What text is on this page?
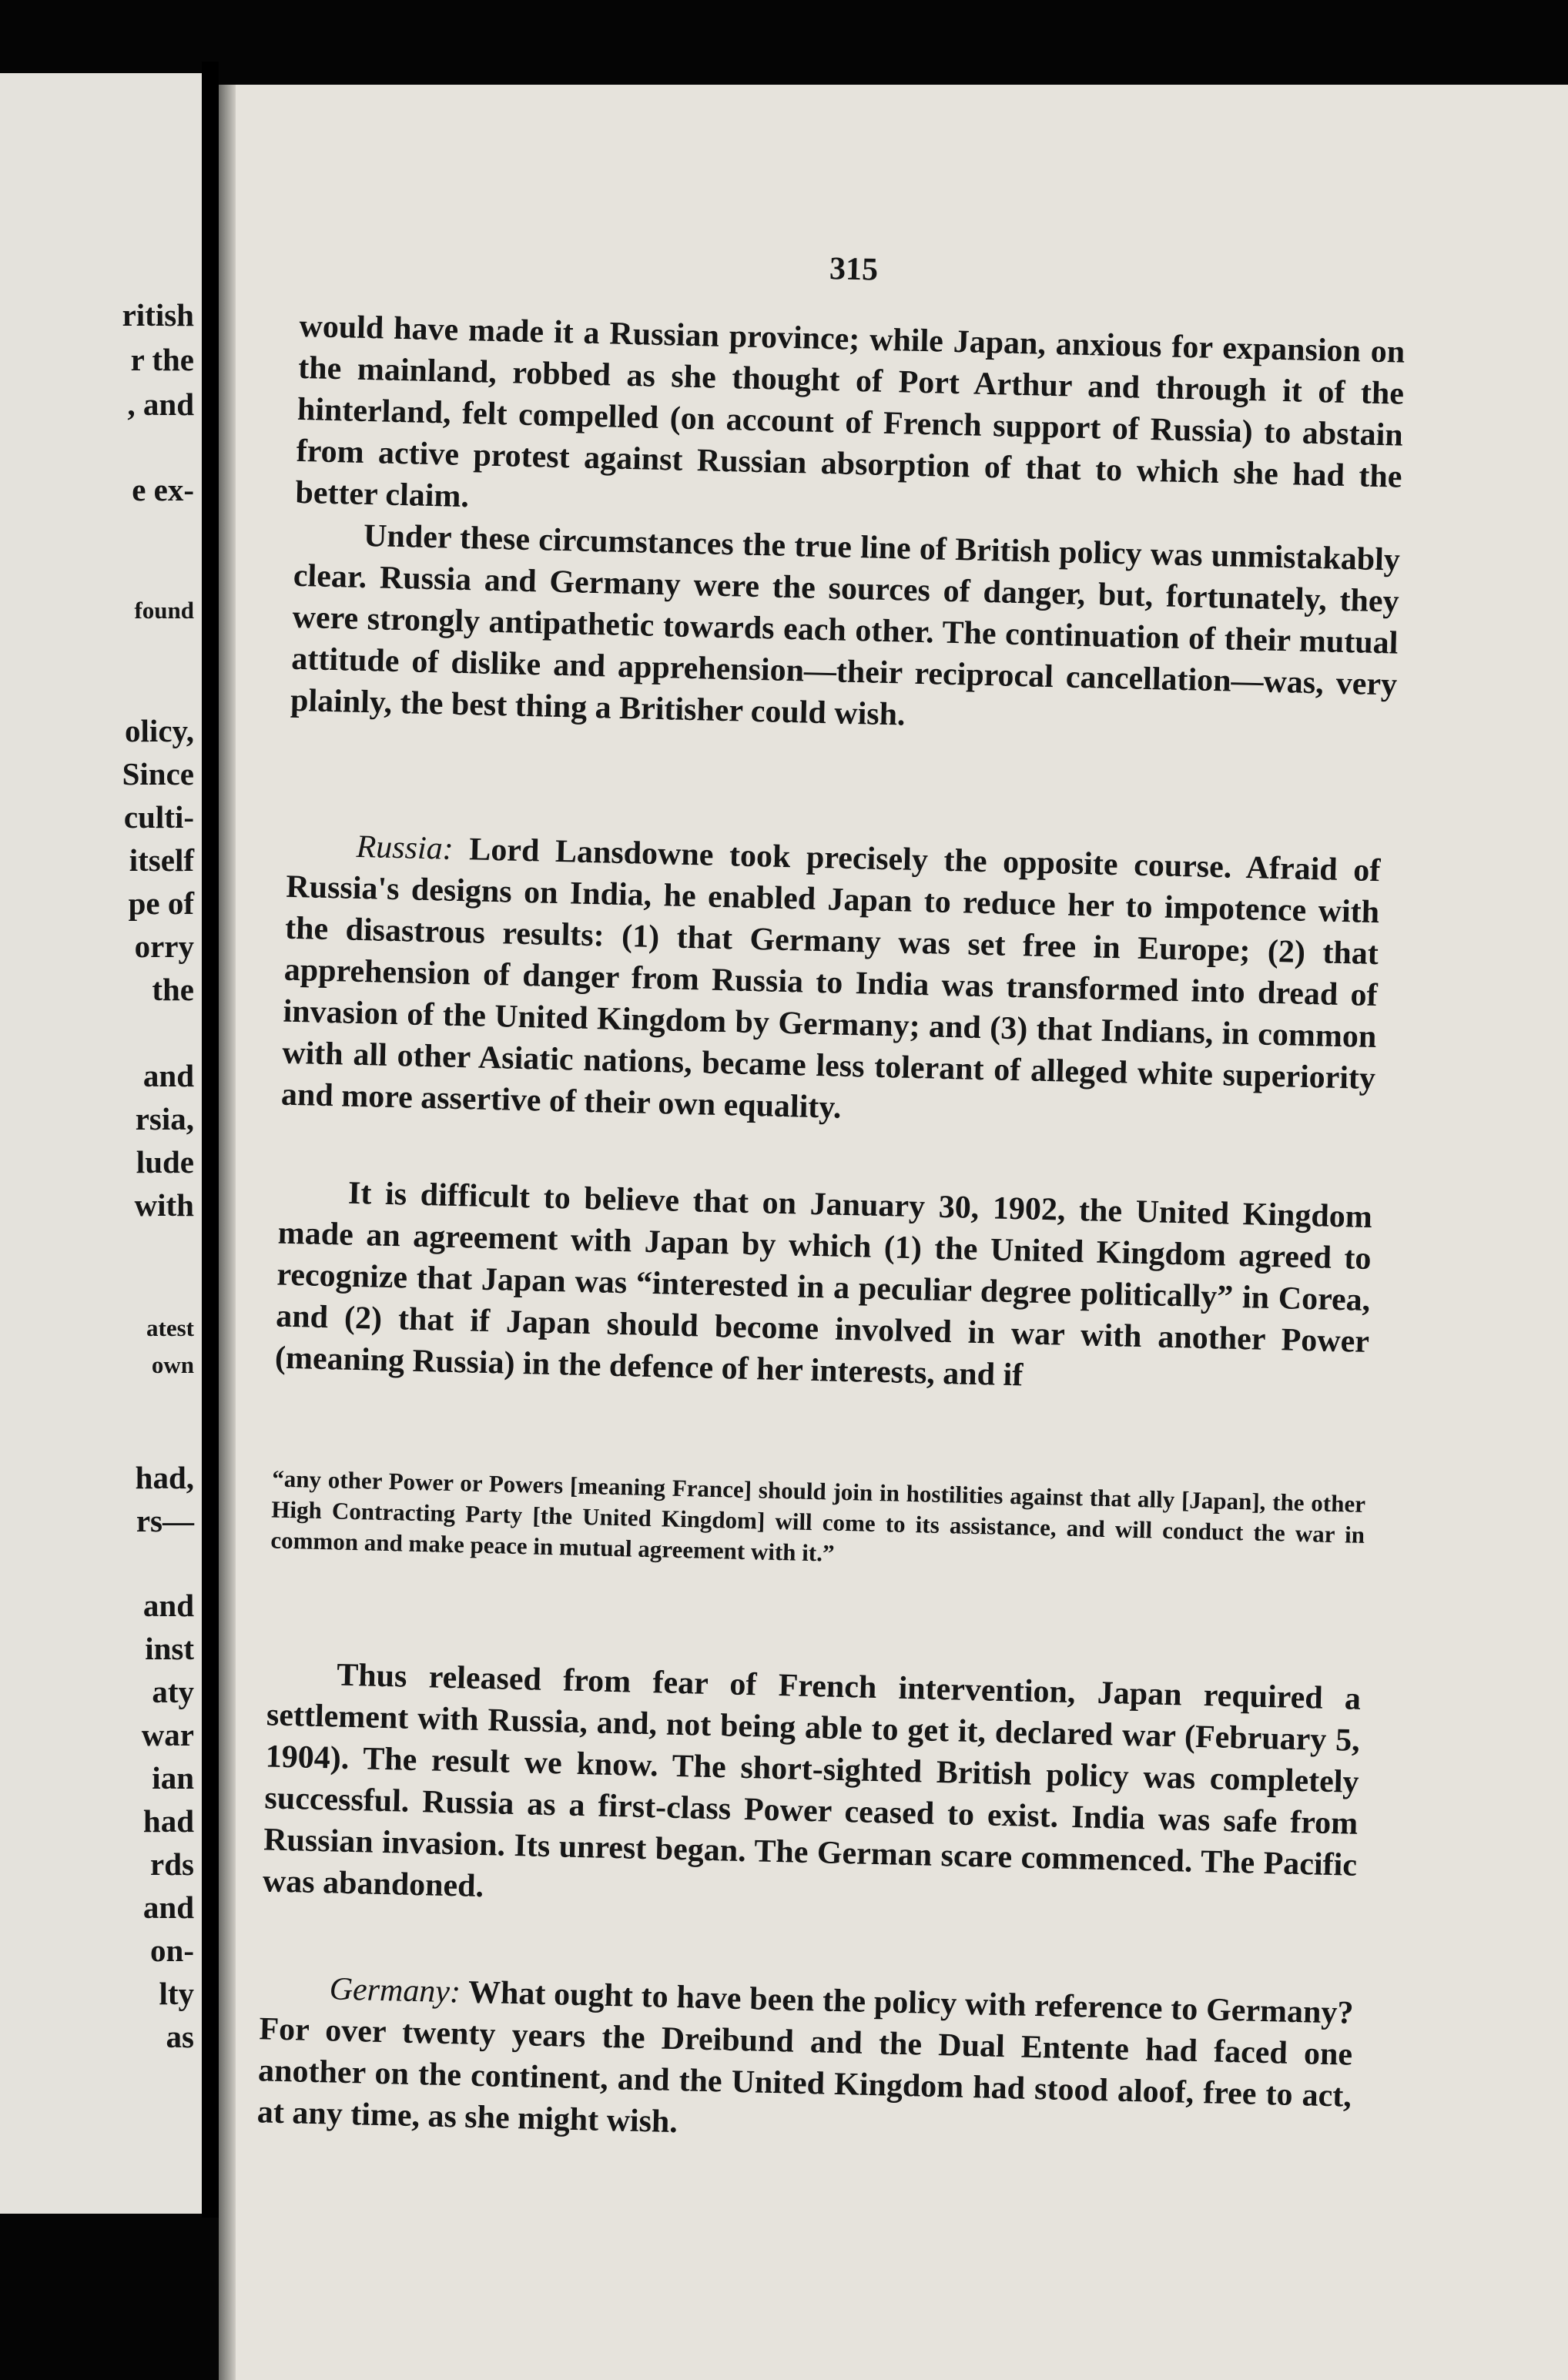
ritish
r the
, and
e ex-
found
olicy,
Since
culti-
itself
pe of
orry
the
and
rsia,
lude
with
atest
own
had,
rs—
and
inst
aty
war
ian
had
rds
and
on-
lty
as
315

would have made it a Russian province; while Japan, anxious for expansion on the mainland, robbed as she thought of Port Arthur and through it of the hinterland, felt compelled (on account of French support of Russia) to abstain from active protest against Russian absorption of that to which she had the better claim.

Under these circumstances the true line of British policy was unmistakably clear. Russia and Germany were the sources of danger, but, fortunately, they were strongly antipathetic towards each other. The continuation of their mutual attitude of dislike and apprehension—their reciprocal cancellation—was, very plainly, the best thing a Britisher could wish.

Russia: Lord Lansdowne took precisely the opposite course. Afraid of Russia's designs on India, he enabled Japan to reduce her to impotence with the disastrous results: (1) that Germany was set free in Europe; (2) that apprehension of danger from Russia to India was transformed into dread of invasion of the United Kingdom by Germany; and (3) that Indians, in common with all other Asiatic nations, became less tolerant of alleged white superiority and more assertive of their own equality.

It is difficult to believe that on January 30, 1902, the United Kingdom made an agreement with Japan by which (1) the United Kingdom agreed to recognize that Japan was “interested in a peculiar degree politically” in Corea, and (2) that if Japan should become involved in war with another Power (meaning Russia) in the defence of her interests, and if

“any other Power or Powers [meaning France] should join in hostilities against that ally [Japan], the other High Contracting Party [the United Kingdom] will come to its assistance, and will conduct the war in common and make peace in mutual agreement with it.”

Thus released from fear of French intervention, Japan required a settlement with Russia, and, not being able to get it, declared war (February 5, 1904). The result we know. The short-sighted British policy was completely successful. Russia as a first-class Power ceased to exist. India was safe from Russian invasion. Its unrest began. The German scare commenced. The Pacific was abandoned.

Germany: What ought to have been the policy with reference to Germany? For over twenty years the Dreibund and the Dual Entente had faced one another on the continent, and the United Kingdom had stood aloof, free to act, at any time, as she might wish.
